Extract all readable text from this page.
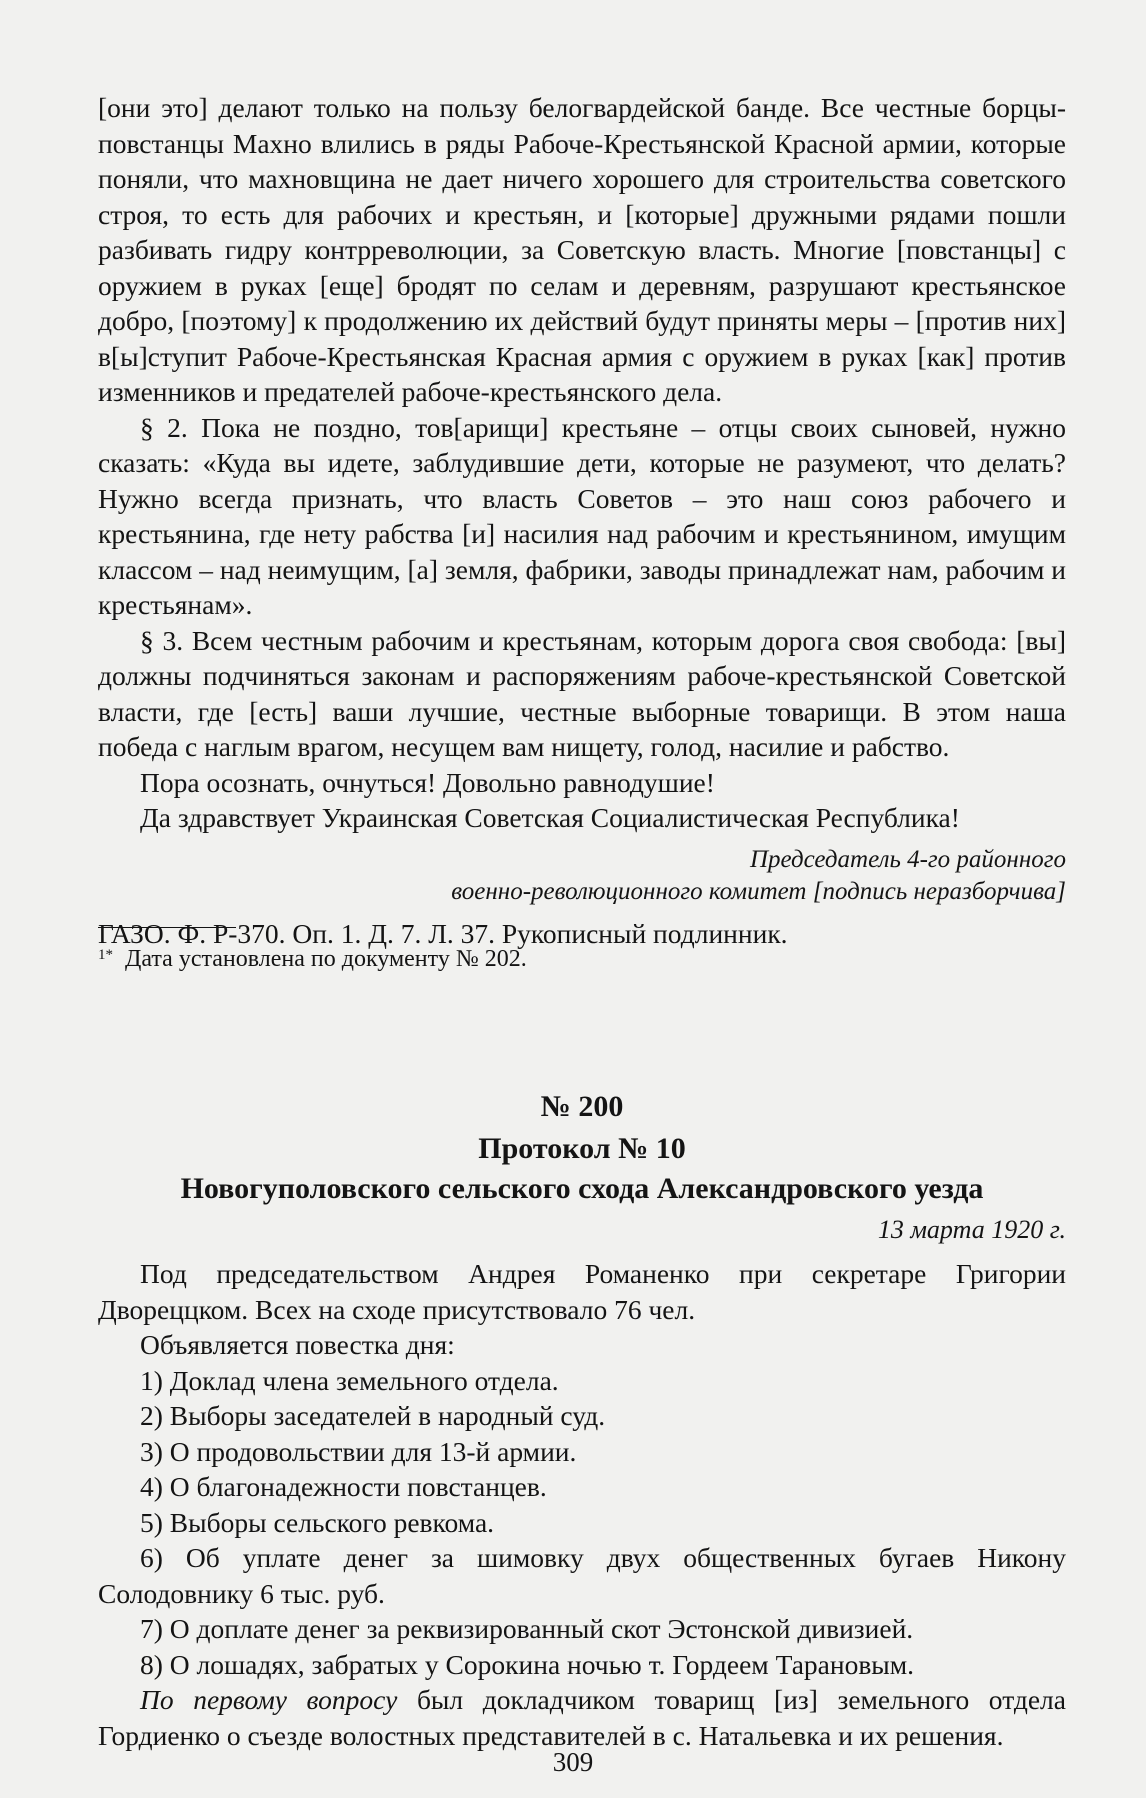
[они это] делают только на пользу белогвардейской банде. Все честные борцы-повстанцы Махно влились в ряды Рабоче-Крестьянской Красной армии, которые поняли, что махновщина не дает ничего хорошего для строительства советского строя, то есть для рабочих и крестьян, и [которые] дружными рядами пошли разбивать гидру контрреволюции, за Советскую власть. Многие [повстанцы] с оружием в руках [еще] бродят по селам и деревням, разрушают крестьянское добро, [поэтому] к продолжению их действий будут приняты меры – [против них] в[ы]ступит Рабоче-Крестьянская Красная армия с оружием в руках [как] против изменников и предателей рабоче-крестьянского дела.

§ 2. Пока не поздно, тов[арищи] крестьяне – отцы своих сыновей, нужно сказать: «Куда вы идете, заблудившие дети, которые не разумеют, что делать? Нужно всегда признать, что власть Советов – это наш союз рабочего и крестьянина, где нету рабства [и] насилия над рабочим и крестьянином, имущим классом – над неимущим, [а] земля, фабрики, заводы принадлежат нам, рабочим и крестьянам».

§ 3. Всем честным рабочим и крестьянам, которым дорога своя свобода: [вы] должны подчиняться законам и распоряжениям рабоче-крестьянской Советской власти, где [есть] ваши лучшие, честные выборные товарищи. В этом наша победа с наглым врагом, несущем вам нищету, голод, насилие и рабство.

Пора осознать, очнуться! Довольно равнодушие!

Да здравствует Украинская Советская Социалистическая Республика!

Председатель 4-го районного

военно-революционного комитет [подпись неразборчива]

ГАЗО. Ф. Р-370. Оп. 1. Д. 7. Л. 37. Рукописный подлинник.

$^{1*}$ Дата установлена по документу № 202.
№ 200
Протокол № 10
Новогуполовского сельского схода Александровского уезда
13 марта 1920 г.

Под председательством Андрея Романенко при секретаре Григории Двореццком. Всех на сходе присутствовало 76 чел.

Объявляется повестка дня:

1) Доклад члена земельного отдела.

2) Выборы заседателей в народный суд.

3) О продовольствии для 13-й армии.

4) О благонадежности повстанцев.

5) Выборы сельского ревкома.

6) Об уплате денег за шимовку двух общественных бугаев Никону Солодовнику 6 тыс. руб.

7) О доплате денег за реквизированный скот Эстонской дивизией.

8) О лошадях, забратых у Сорокина ночью т. Гордеем Тарановым.

По первому вопросу был докладчиком товарищ [из] земельного отдела Гордиенко о съезде волостных представителей в с. Натальевка и их решения.

309
